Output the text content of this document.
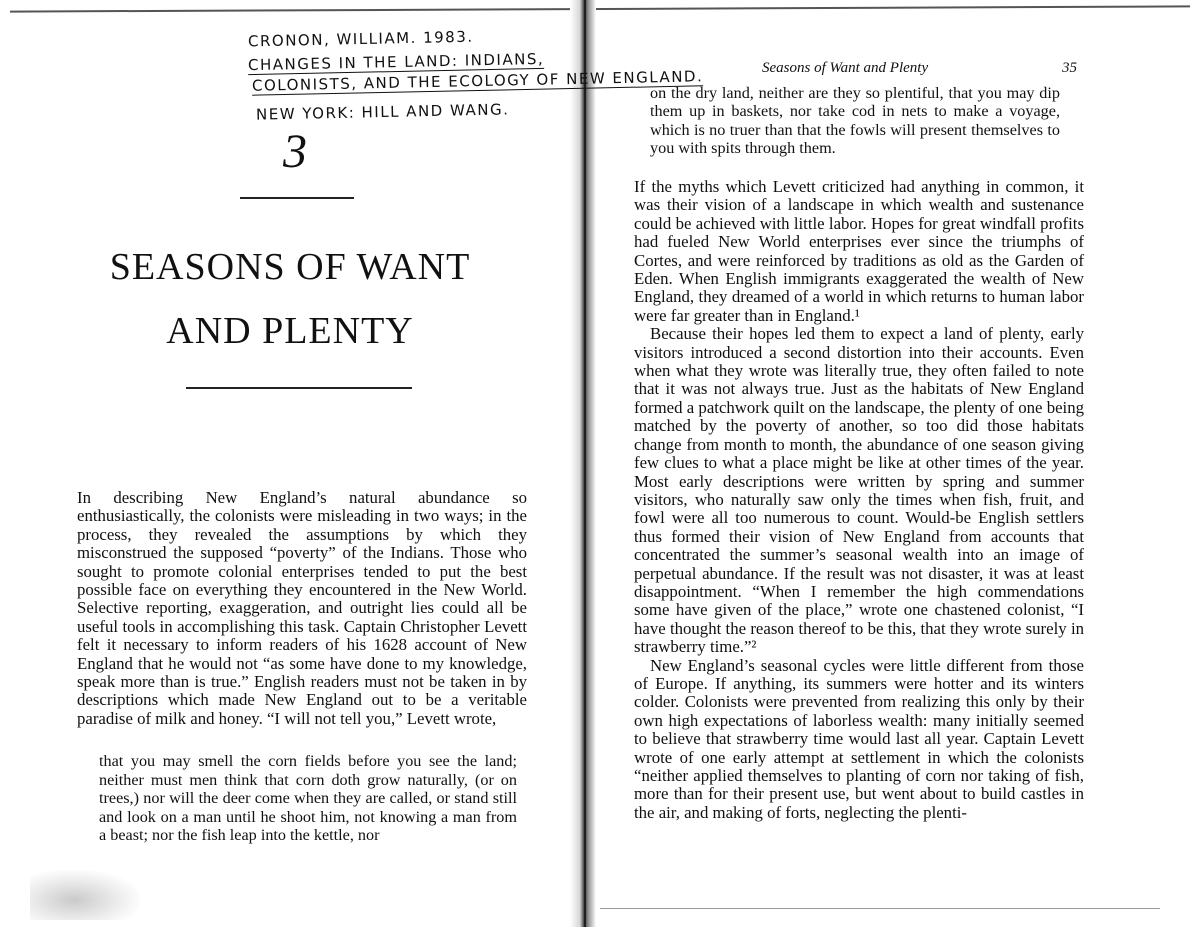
CRONON, WILLIAM. 1983.
CHANGES IN THE LAND: INDIANS,
COLONISTS, AND THE ECOLOGY OF NEW ENGLAND.
NEW YORK: HILL AND WANG.
3
SEASONS OF WANT
AND PLENTY

In describing New England’s natural abundance so enthusiastically, the colonists were misleading in two ways; in the process, they revealed the assumptions by which they misconstrued the supposed “poverty” of the Indians. Those who sought to promote colonial enterprises tended to put the best possible face on everything they encountered in the New World. Selective reporting, exaggeration, and outright lies could all be useful tools in accomplishing this task. Captain Christopher Levett felt it necessary to inform readers of his 1628 account of New England that he would not “as some have done to my knowledge, speak more than is true.” English readers must not be taken in by descriptions which made New England out to be a veritable paradise of milk and honey. “I will not tell you,” Levett wrote,

that you may smell the corn fields before you see the land; neither must men think that corn doth grow naturally, (or on trees,) nor will the deer come when they are called, or stand still and look on a man until he shoot him, not knowing a man from a beast; nor the fish leap into the kettle, nor

Seasons of Want and Plenty	35

on the dry land, neither are they so plentiful, that you may dip them up in baskets, nor take cod in nets to make a voyage, which is no truer than that the fowls will present themselves to you with spits through them.

If the myths which Levett criticized had anything in common, it was their vision of a landscape in which wealth and sustenance could be achieved with little labor. Hopes for great windfall profits had fueled New World enterprises ever since the triumphs of Cortes, and were reinforced by traditions as old as the Garden of Eden. When English immigrants exaggerated the wealth of New England, they dreamed of a world in which returns to human labor were far greater than in England.¹

Because their hopes led them to expect a land of plenty, early visitors introduced a second distortion into their accounts. Even when what they wrote was literally true, they often failed to note that it was not always true. Just as the habitats of New England formed a patchwork quilt on the landscape, the plenty of one being matched by the poverty of another, so too did those habitats change from month to month, the abundance of one season giving few clues to what a place might be like at other times of the year. Most early descriptions were written by spring and summer visitors, who naturally saw only the times when fish, fruit, and fowl were all too numerous to count. Would-be English settlers thus formed their vision of New England from accounts that concentrated the summer’s seasonal wealth into an image of perpetual abundance. If the result was not disaster, it was at least disappointment. “When I remember the high commendations some have given of the place,” wrote one chastened colonist, “I have thought the reason thereof to be this, that they wrote surely in strawberry time.”²

New England’s seasonal cycles were little different from those of Europe. If anything, its summers were hotter and its winters colder. Colonists were prevented from realizing this only by their own high expectations of laborless wealth: many initially seemed to believe that strawberry time would last all year. Captain Levett wrote of one early attempt at settlement in which the colonists “neither applied themselves to planting of corn nor taking of fish, more than for their present use, but went about to build castles in the air, and making of forts, neglecting the plenti-
